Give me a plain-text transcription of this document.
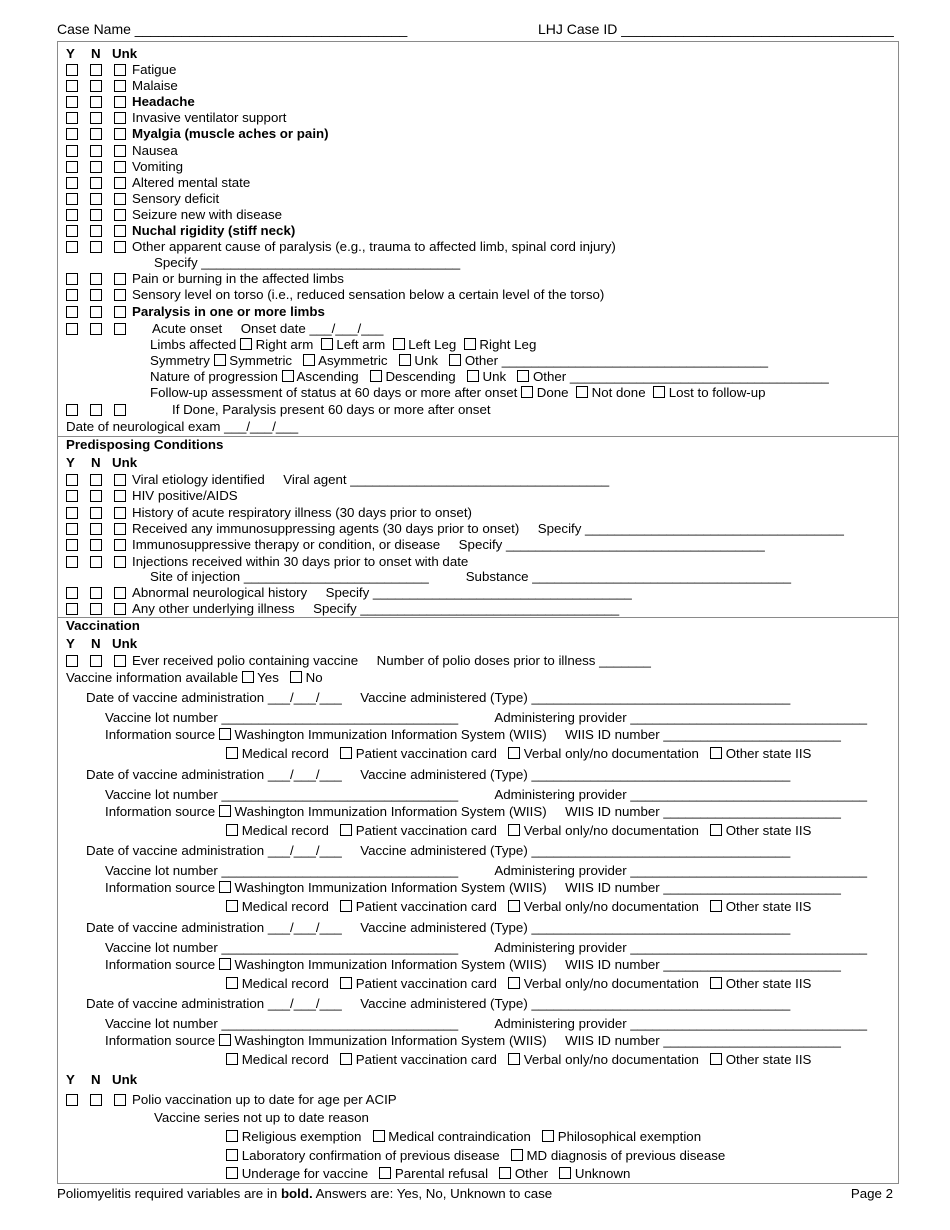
Case Name ___________________________________	LHJ Case ID ___________________________________
Y N Unk
Fatigue
Malaise
Headache
Invasive ventilator support
Myalgia (muscle aches or pain)
Nausea
Vomiting
Altered mental state
Sensory deficit
Seizure new with disease
Nuchal rigidity (stiff neck)
Other apparent cause of paralysis (e.g., trauma to affected limb, spinal cord injury)
Specify ___________________________________
Pain or burning in the affected limbs
Sensory level on torso (i.e., reduced sensation below a certain level of the torso)
Paralysis in one or more limbs
Acute onset     Onset date ___/___/___
Limbs affected Right arm Left arm Left Leg Right Leg
Symmetry Symmetric Asymmetric Unk Other ____________________________________
Nature of progression Ascending Descending Unk Other ___________________________________
Follow-up assessment of status at 60 days or more after onset Done Not done Lost to follow-up
If Done, Paralysis present 60 days or more after onset
Date of neurological exam ___/___/___
Predisposing Conditions
Y N Unk
Viral etiology identified     Viral agent ___________________________________
HIV positive/AIDS
History of acute respiratory illness (30 days prior to onset)
Received any immunosuppressing agents (30 days prior to onset)     Specify ___________________________________
Immunosuppressive therapy or condition, or disease     Specify ___________________________________
Injections received within 30 days prior to onset with date
Site of injection _________________________          Substance ___________________________________
Abnormal neurological history     Specify ___________________________________
Any other underlying illness     Specify ___________________________________
Vaccination
Y N Unk
Ever received polio containing vaccine     Number of polio doses prior to illness _______
Vaccine information available Yes No
Date of vaccine administration ___/___/___     Vaccine administered (Type) ___________________________________
Vaccine lot number ________________________________          Administering provider ________________________________
Information source Washington Immunization Information System (WIIS)     WIIS ID number ________________________
Medical record Patient vaccination card Verbal only/no documentation Other state IIS
Date of vaccine administration ___/___/___     Vaccine administered (Type) ___________________________________
Vaccine lot number ________________________________          Administering provider ________________________________
Information source Washington Immunization Information System (WIIS)     WIIS ID number ________________________
Medical record Patient vaccination card Verbal only/no documentation Other state IIS
Date of vaccine administration ___/___/___     Vaccine administered (Type) ___________________________________
Vaccine lot number ________________________________          Administering provider ________________________________
Information source Washington Immunization Information System (WIIS)     WIIS ID number ________________________
Medical record Patient vaccination card Verbal only/no documentation Other state IIS
Date of vaccine administration ___/___/___     Vaccine administered (Type) ___________________________________
Vaccine lot number ________________________________          Administering provider ________________________________
Information source Washington Immunization Information System (WIIS)     WIIS ID number ________________________
Medical record Patient vaccination card Verbal only/no documentation Other state IIS
Date of vaccine administration ___/___/___     Vaccine administered (Type) ___________________________________
Vaccine lot number ________________________________          Administering provider ________________________________
Information source Washington Immunization Information System (WIIS)     WIIS ID number ________________________
Medical record Patient vaccination card Verbal only/no documentation Other state IIS
Y N Unk
Polio vaccination up to date for age per ACIP
Vaccine series not up to date reason
Religious exemption Medical contraindication Philosophical exemption
Laboratory confirmation of previous disease MD diagnosis of previous disease
Underage for vaccine Parental refusal Other Unknown
Poliomyelitis required variables are in bold. Answers are: Yes, No, Unknown to case	Page 2
